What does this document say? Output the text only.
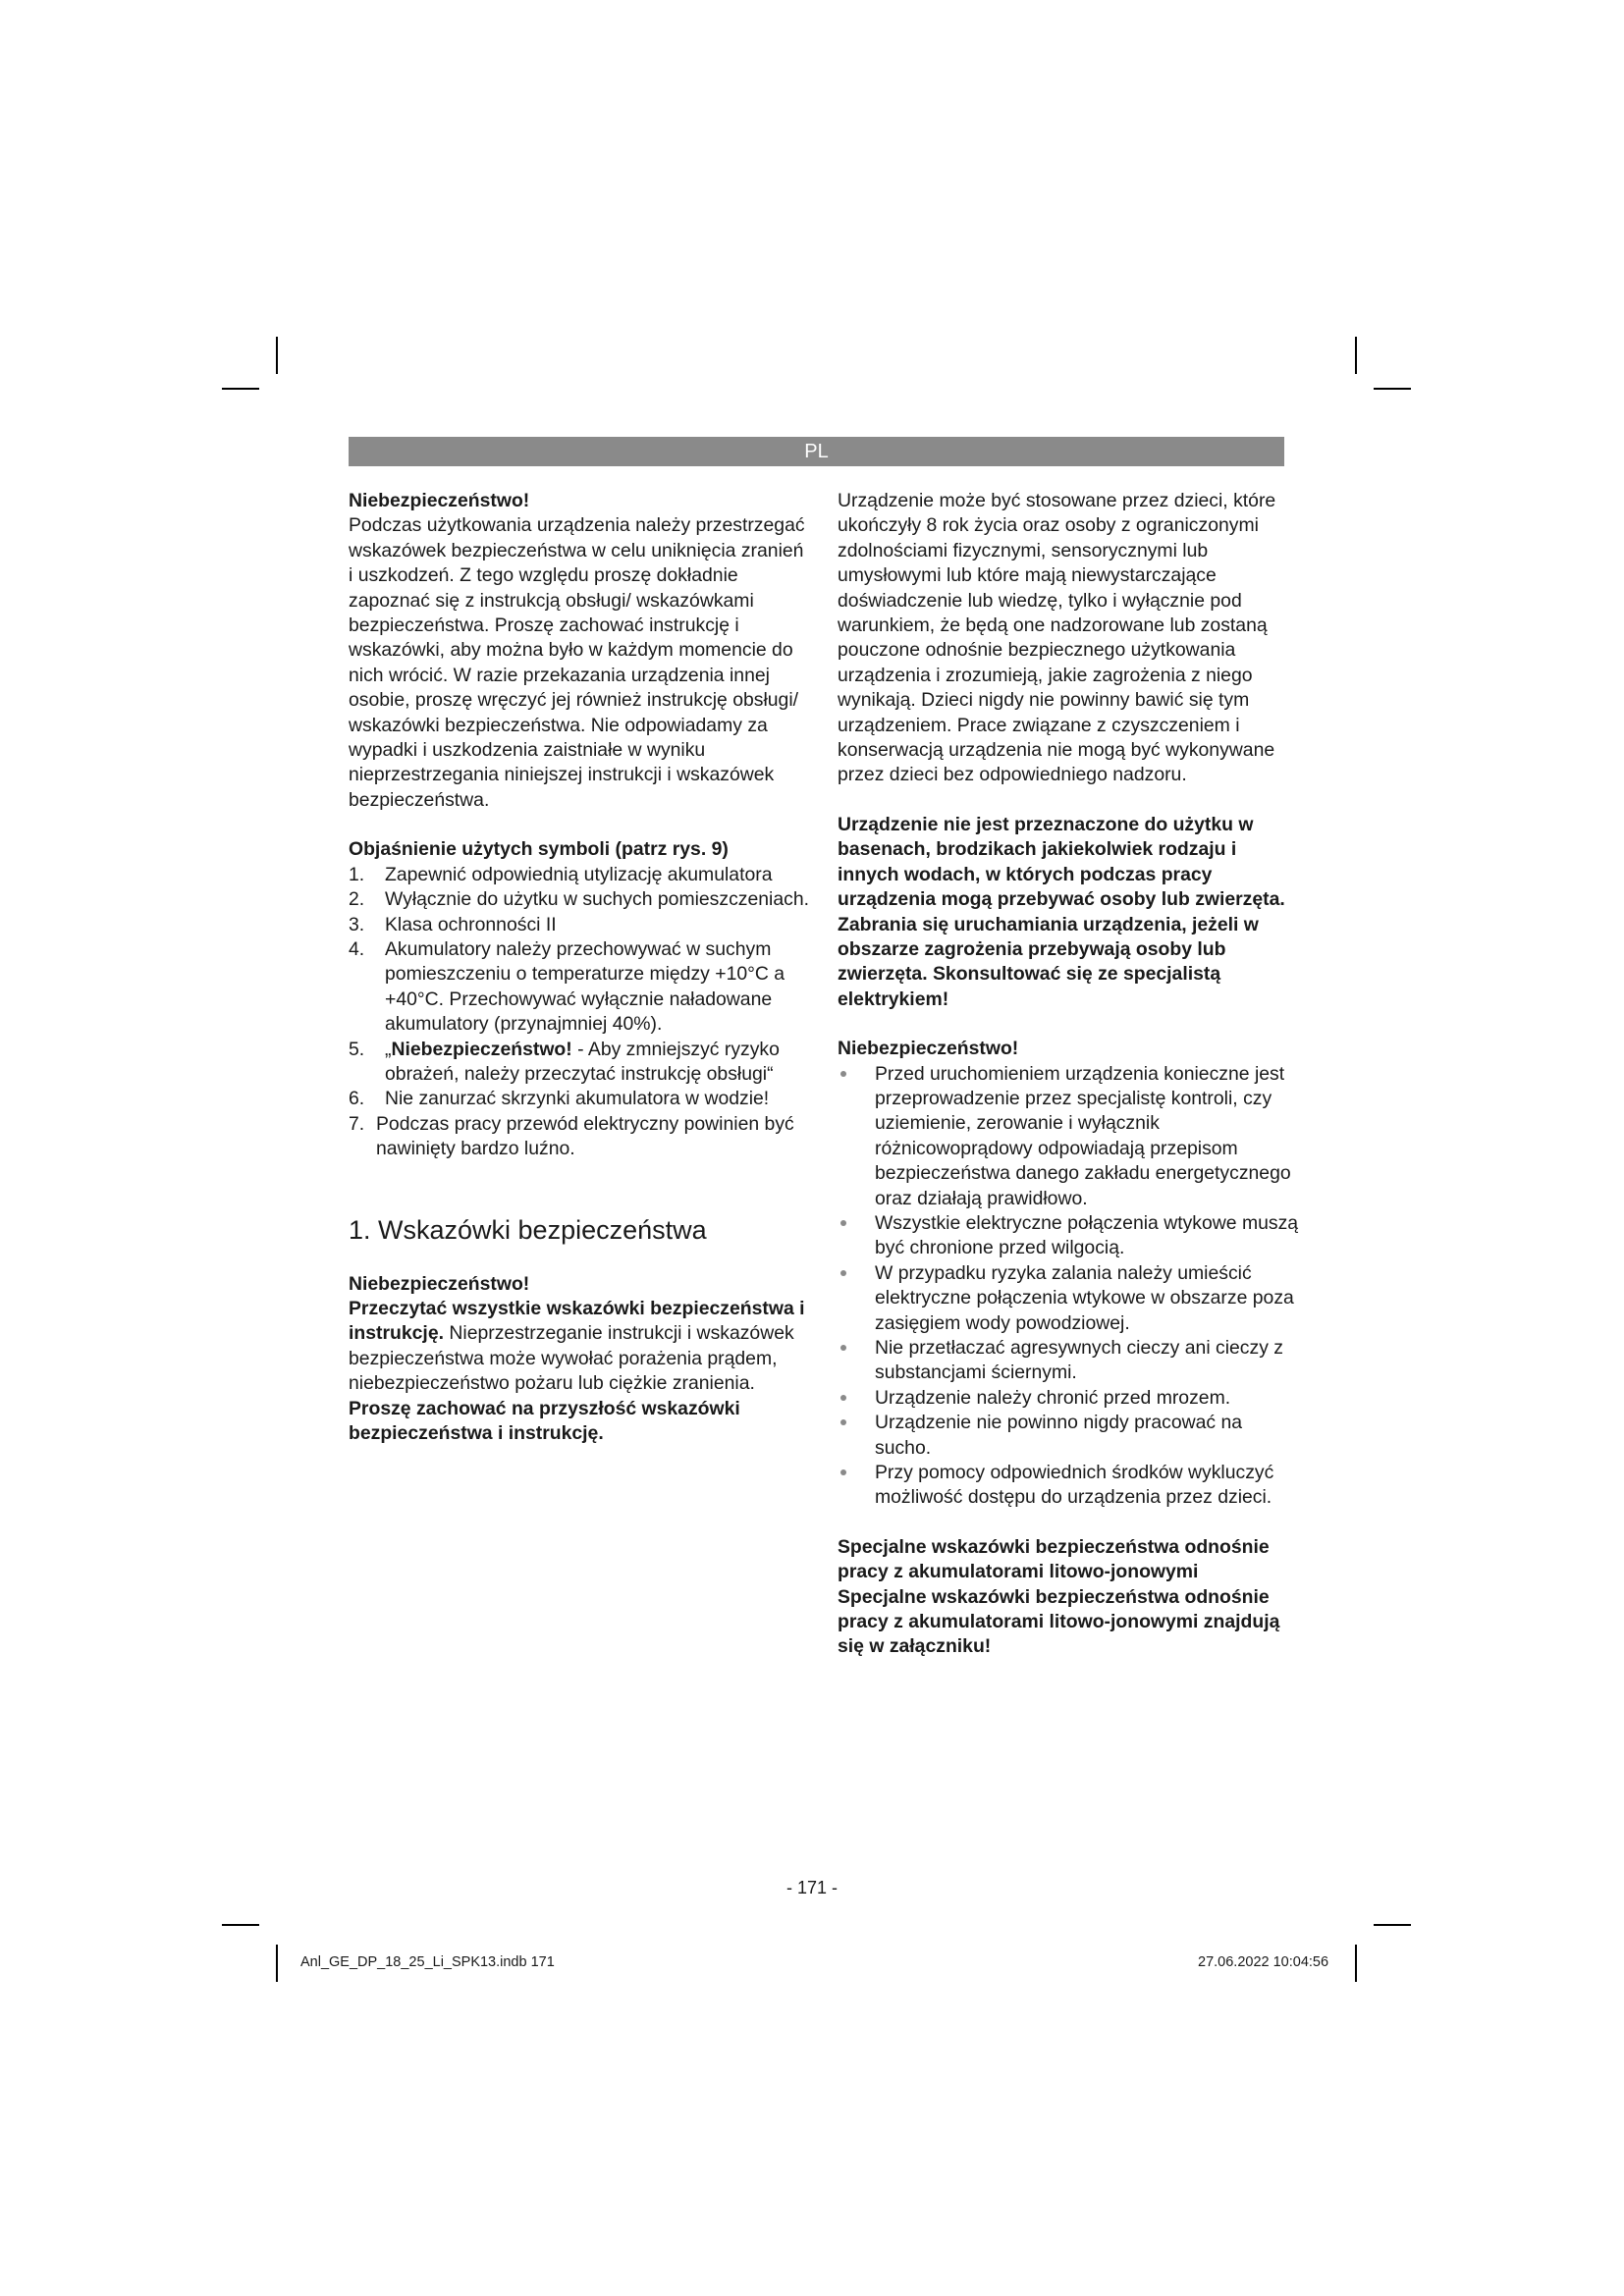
PL

Niebezpieczeństwo!

Podczas użytkowania urządzenia należy przestrzegać wskazówek bezpieczeństwa w celu uniknięcia zranień i uszkodzeń. Z tego względu proszę dokładnie zapoznać się z instrukcją obsługi/ wskazówkami bezpieczeństwa. Proszę zachować instrukcję i wskazówki, aby można było w każdym momencie do nich wrócić. W razie przekazania urządzenia innej osobie, proszę wręczyć jej również instrukcję obsługi/ wskazówki bezpieczeństwa. Nie odpowiadamy za wypadki i uszkodzenia zaistniałe w wyniku nieprzestrzegania niniejszej instrukcji i wskazówek bezpieczeństwa.

Objaśnienie użytych symboli (patrz rys. 9)

1. Zapewnić odpowiednią utylizację akumulatora
2. Wyłącznie do użytku w suchych pomieszczeniach.
3. Klasa ochronności II
4. Akumulatory należy przechowywać w suchym pomieszczeniu o temperaturze między +10°C a +40°C. Przechowywać wyłącznie naładowane akumulatory (przynajmniej 40%).
5. „Niebezpieczeństwo! - Aby zmniejszyć ryzyko obrażeń, należy przeczytać instrukcję obsługi“
6. Nie zanurzać skrzynki akumulatora w wodzie!
7. Podczas pracy przewód elektryczny powinien być nawinięty bardzo luźno.
1. Wskazówki bezpieczeństwa

Niebezpieczeństwo!

Przeczytać wszystkie wskazówki bezpieczeństwa i instrukcję. Nieprzestrzeganie instrukcji i wskazówek bezpieczeństwa może wywołać porażenia prądem, niebezpieczeństwo pożaru lub ciężkie zranienia. Proszę zachować na przyszłość wskazówki bezpieczeństwa i instrukcję.

Urządzenie może być stosowane przez dzieci, które ukończyły 8 rok życia oraz osoby z ograniczonymi zdolnościami fizycznymi, sensorycznymi lub umysłowymi lub które mają niewystarczające doświadczenie lub wiedzę, tylko i wyłącznie pod warunkiem, że będą one nadzorowane lub zostaną pouczone odnośnie bezpiecznego użytkowania urządzenia i zrozumieją, jakie zagrożenia z niego wynikają. Dzieci nigdy nie powinny bawić się tym urządzeniem. Prace związane z czyszczeniem i konserwacją urządzenia nie mogą być wykonywane przez dzieci bez odpowiedniego nadzoru.

Urządzenie nie jest przeznaczone do użytku w basenach, brodzikach jakiekolwiek rodzaju i innych wodach, w których podczas pracy urządzenia mogą przebywać osoby lub zwierzęta. Zabrania się uruchamiania urządzenia, jeżeli w obszarze zagrożenia przebywają osoby lub zwierzęta. Skonsultować się ze specjalistą elektrykiem!

Niebezpieczeństwo!

Przed uruchomieniem urządzenia konieczne jest przeprowadzenie przez specjalistę kontroli, czy uziemienie, zerowanie i wyłącznik różnicowoprądowy odpowiadają przepisom bezpieczeństwa danego zakładu energetycznego oraz działają prawidłowo.
Wszystkie elektryczne połączenia wtykowe muszą być chronione przed wilgocią.
W przypadku ryzyka zalania należy umieścić elektryczne połączenia wtykowe w obszarze poza zasięgiem wody powodziowej.
Nie przetłaczać agresywnych cieczy ani cieczy z substancjami ściernymi.
Urządzenie należy chronić przed mrozem.
Urządzenie nie powinno nigdy pracować na sucho.
Przy pomocy odpowiednich środków wykluczyć możliwość dostępu do urządzenia przez dzieci.

Specjalne wskazówki bezpieczeństwa odnośnie pracy z akumulatorami litowo-jonowymi

Specjalne wskazówki bezpieczeństwa odnośnie pracy z akumulatorami litowo-jonowymi znajdują się w załączniku!

- 171 -
Anl_GE_DP_18_25_Li_SPK13.indb 171	27.06.2022 10:04:56
